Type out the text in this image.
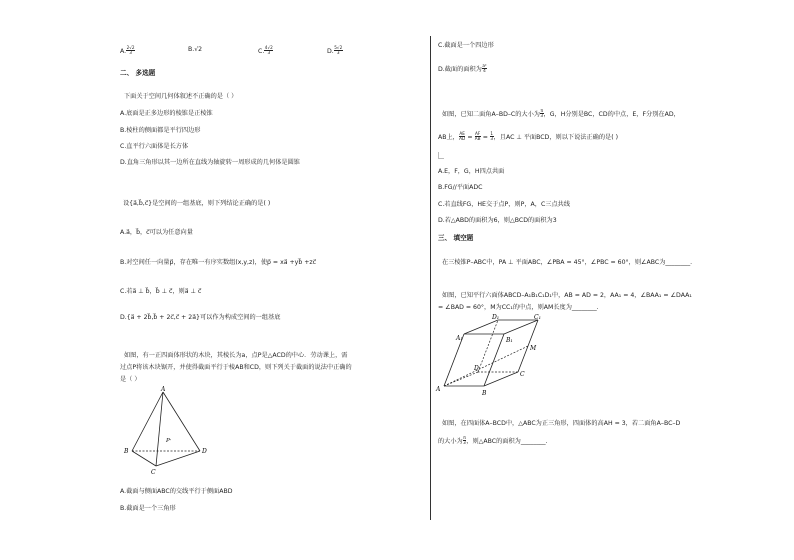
A. $\frac{2√2}{3}$	B.√2	C. $\frac{4√2}{3}$	D. $\frac{5√2}{3}$
二、 多选题
下面关于空间几何体叙述不正确的是（ ）
A.底面是正多边形的棱锥是正棱锥
B.棱柱的侧面都是平行四边形
C.直平行六面体是长方体
D.直角三角形以其一边所在直线为轴旋转一周形成的几何体是圆锥
设{a⃗,b⃗,c⃗}是空间的一组基底，则下列结论正确的是( )
A.a⃗，b⃗，c⃗可以为任意向量
B.对空间任一向量p⃗，存在唯一有序实数组(x,y,z)，使p⃗ = xa⃗ +yb⃗ +zc⃗
C.若a⃗ ⊥ b⃗，b⃗ ⊥ c⃗，则a⃗ ⊥ c⃗
D.{a⃗ + 2b⃗,b⃗ + 2c⃗,c⃗ + 2a⃗}可以作为构成空间的一组基底
如图，有一正四面体形状的木块，其棱长为a，点P是△ACD的中心．劳动课上，需
过点P将该木块锯开，并使得截面平行于棱AB和CD，则下列关于截面的说法中正确的
是（ ）
A
B
C
D
P·
A.截面与侧面ABC的交线平行于侧面ABD
B.截面是一个三角形
C.截面是一个四边形
D.截面的面积为 $\frac{\text{a²}}{4}$
如图，已知二面角A–BD–C的大小为 $\frac{\pi}{3}$，G，H分别是BC，CD的中点，E，F分别在AD，
AB上， $\frac{AE}{AD} = \frac{AF}{AB} = \frac{1}{3}$，且AC ⊥ 平面BCD，则以下说法正确的是( )
A.E，F，G，H四点共面
B.FG//平面ADC
C.若直线FG，HE交于点P，则P，A，C三点共线
D.若△ABD的面积为6，则△BCD的面积为3
三、 填空题
在三棱锥P–ABC中，PA ⊥ 平面ABC，∠PBA = 45°，∠PBC = 60°，则∠ABC为________.
如图，已知平行六面体ABCD–A₁B₁C₁D₁中，AB = AD = 2，AA₁ = 4，∠BAA₁ = ∠DAA₁
= ∠BAD = 60°，M为CC₁的中点，则AM长度为________.
A
B
C
D
A₁	B₁
C₁
D₁
M
如图，在四面体A–BCD中，△ABC为正三角形，四面体的高AH = 3，若二面角A–BC–D
的大小为 $\frac{\pi}{3}$，则△ABC的面积为________.
